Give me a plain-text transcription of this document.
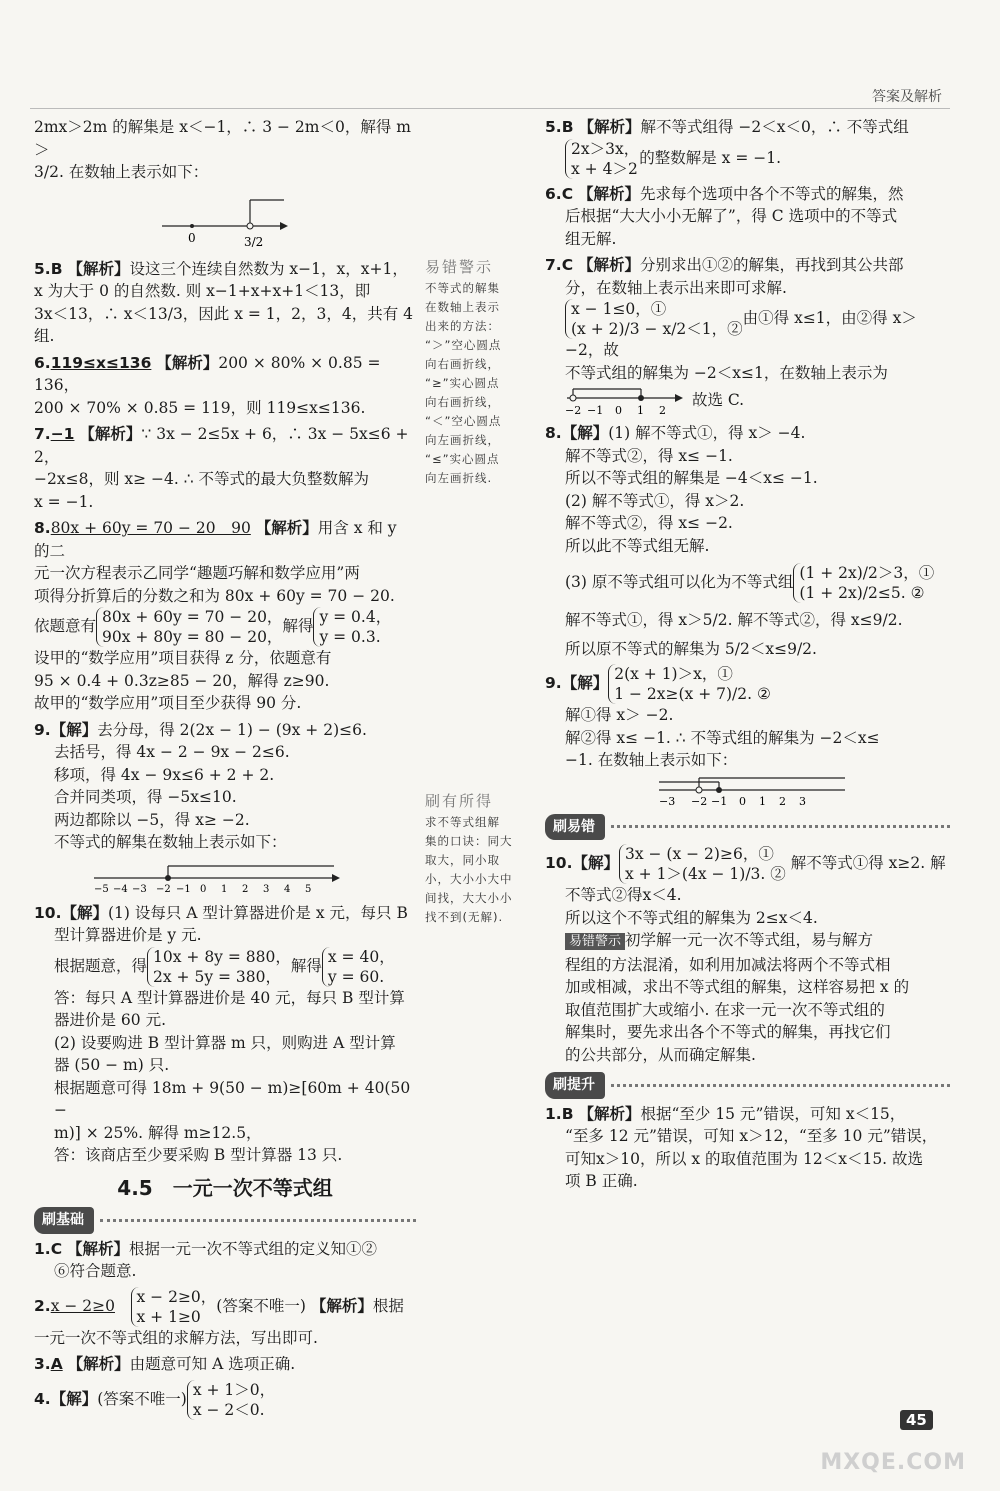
答案及解析

2mx＞2m 的解集是 x＜−1，∴ 3 − 2m＜0，解得 m＞

3/2. 在数轴上表示如下：

0	3/2

5.B 【解析】设这三个连续自然数为 x−1，x，x+1，

x 为大于 0 的自然数. 则 x−1+x+x+1＜13，即

3x＜13，∴ x＜13/3，因此 x = 1，2，3，4，共有 4 组.

6.119≤x≤136 【解析】200 × 80% × 0.85 = 136，

200 × 70% × 0.85 = 119，则 119≤x≤136.

7.−1 【解析】∵ 3x − 2≤5x + 6，∴ 3x − 5x≤6 + 2，

−2x≤8，则 x≥ −4. ∴ 不等式的最大负整数解为

x = −1.

8.80x + 60y = 70 − 20　90 【解析】用含 x 和 y 的二

元一次方程表示乙同学“趣题巧解和数学应用”两

项得分折算后的分数之和为 80x + 60y = 70 − 20.

依题意有 80x + 60y = 70 − 20，
90x + 80y = 80 − 20，解得 y = 0.4，
y = 0.3.

设甲的“数学应用”项目获得 z 分，依题意有

95 × 0.4 + 0.3z≥85 − 20，解得 z≥90.

故甲的“数学应用”项目至少获得 90 分.

9.【解】去分母，得 2(2x − 1) − (9x + 2)≤6.

去括号，得 4x − 2 − 9x − 2≤6.

移项，得 4x − 9x≤6 + 2 + 2.

合并同类项，得 −5x≤10.

两边都除以 −5，得 x≥ −2.

不等式的解集在数轴上表示如下：

−5 −4 −3 −2 −1 0 1 2 3 4 5

10.【解】(1) 设每只 A 型计算器进价是 x 元，每只 B

型计算器进价是 y 元.

根据题意，得 10x + 8y = 880，
2x + 5y = 380，解得 x = 40，
y = 60.

答：每只 A 型计算器进价是 40 元，每只 B 型计算

器进价是 60 元.

(2) 设要购进 B 型计算器 m 只，则购进 A 型计算

器 (50 − m) 只.

根据题意可得 18m + 9(50 − m)≥[60m + 40(50 −

m)] × 25%. 解得 m≥12.5，

答：该商店至少要采购 B 型计算器 13 只.

4.5　一元一次不等式组
刷基础

1.C 【解析】根据一元一次不等式组的定义知①②

⑥符合题意.

2.x − 2≥0　 x − 2≥0，
x + 1≥0(答案不唯一) 【解析】根据

一元一次不等式组的求解方法，写出即可.

3.A 【解析】由题意可知 A 选项正确.

4.【解】(答案不唯一) x + 1＞0，
x − 2＜0.
易错警示
不等式的解集
在数轴上表示
出来的方法：
“＞”空心圆点
向右画折线，
“≥”实心圆点
向右画折线，
“＜”空心圆点
向左画折线，
“≤”实心圆点
向左画折线.
刷有所得
求不等式组解
集的口诀：同大
取大，同小取
小，大小小大中
间找，大大小小
找不到(无解).

5.B 【解析】解不等式组得 −2＜x＜0，∴ 不等式组

2x＞3x，
x + 4＞2的整数解是 x = −1.

6.C 【解析】先求每个选项中各个不等式的解集，然

后根据“大大小小无解了”，得 C 选项中的不等式

组无解.

7.C 【解析】分别求出①②的解集，再找到其公共部

分，在数轴上表示出来即可求解.

x − 1≤0，①
(x + 2)/3 − x/2＜1，②由①得 x≤1，由②得 x＞ −2，故

不等式组的解集为 −2＜x≤1，在数轴上表示为

−2 −1 0 1 2
故选 C.

8.【解】(1) 解不等式①，得 x＞ −4.

解不等式②，得 x≤ −1.

所以不等式组的解集是 −4＜x≤ −1.

(2) 解不等式①，得 x＞2.

解不等式②，得 x≤ −2.

所以此不等式组无解.

(3) 原不等式组可以化为不等式组 (1 + 2x)/2＞3，①
(1 + 2x)/2≤5. ②

解不等式①，得 x＞5/2. 解不等式②，得 x≤9/2.

所以原不等式的解集为 5/2＜x≤9/2.

9.【解】 2(x + 1)＞x，①
1 − 2x≥(x + 7)/2. ②

解①得 x＞ −2.

解②得 x≤ −1. ∴ 不等式组的解集为 −2＜x≤

−1. 在数轴上表示如下：

−3 −2 −1 0 1 2 3
刷易错
10.【解】 3x − (x − 2)≥6，①
x + 1＞(4x − 1)/3. ② 解不等式①得 x≥2. 解

不等式②得x＜4.

所以这个不等式组的解集为 2≤x＜4.

易错警示 初学解一元一次不等式组，易与解方

程组的方法混淆，如利用加减法将两个不等式相

加或相减，求出不等式组的解集，这样容易把 x 的

取值范围扩大或缩小. 在求一元一次不等式组的

解集时，要先求出各个不等式的解集，再找它们

的公共部分，从而确定解集.

刷提升

1.B 【解析】根据“至少 15 元”错误，可知 x＜15，

“至多 12 元”错误，可知 x＞12，“至多 10 元”错误，

可知x＞10，所以 x 的取值范围为 12＜x＜15. 故选

项 B 正确.

45
MXQE.COM
